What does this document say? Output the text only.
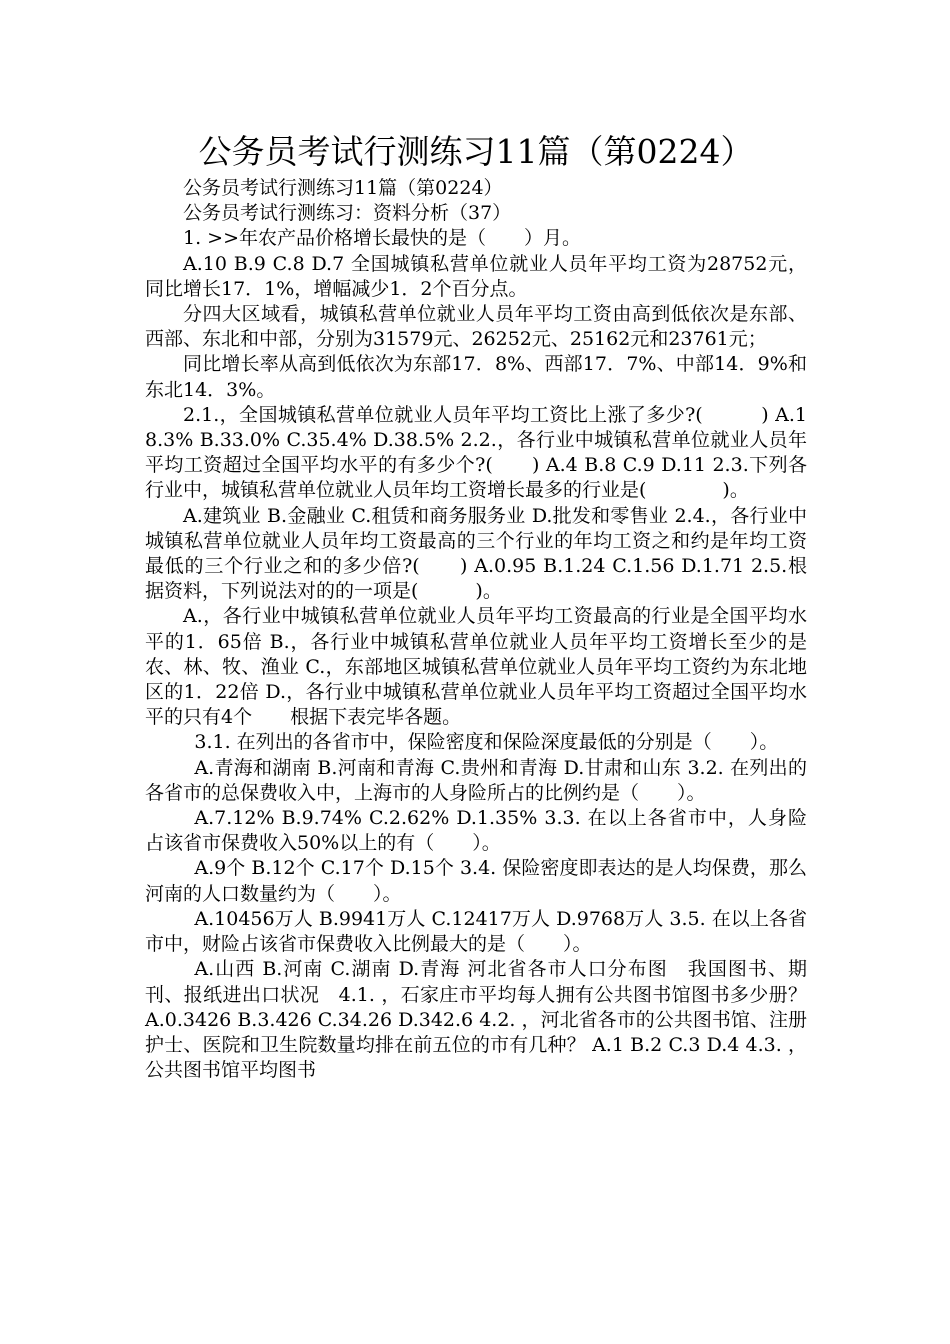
公务员考试行测练习11篇（第0224）

公务员考试行测练习11篇（第0224）

公务员考试行测练习：资料分析（37）

1. >>年农产品价格增长最快的是（　　）月。

A.10 B.9 C.8 D.7 全国城镇私营单位就业人员年平均工资为28752元，同比增长17．1%，增幅减少1．2个百分点。

分四大区域看，城镇私营单位就业人员年平均工资由高到低依次是东部、西部、东北和中部，分别为31579元、26252元、25162元和23761元；

同比增长率从高到低依次为东部17．8%、西部17．7%、中部14．9%和东北14．3%。

2.1.，全国城镇私营单位就业人员年平均工资比上涨了多少?(　　　) A.18.3% B.33.0% C.35.4% D.38.5% 2.2.，各行业中城镇私营单位就业人员年平均工资超过全国平均水平的有多少个?(　　) A.4 B.8 C.9 D.11 2.3.下列各行业中，城镇私营单位就业人员年均工资增长最多的行业是(　　　　)。

A.建筑业 B.金融业 C.租赁和商务服务业 D.批发和零售业 2.4.，各行业中城镇私营单位就业人员年均工资最高的三个行业的年均工资之和约是年均工资最低的三个行业之和的多少倍?(　　) A.0.95 B.1.24 C.1.56 D.1.71 2.5.根据资料，下列说法对的的一项是(　　　)。

A.，各行业中城镇私营单位就业人员年平均工资最高的行业是全国平均水平的1．65倍 B.，各行业中城镇私营单位就业人员年平均工资增长至少的是农、林、牧、渔业 C.，东部地区城镇私营单位就业人员年平均工资约为东北地区的1．22倍 D.，各行业中城镇私营单位就业人员年平均工资超过全国平均水平的只有4个　　根据下表完毕各题。

3.1. 在列出的各省市中，保险密度和保险深度最低的分别是（　　）。

A.青海和湖南 B.河南和青海 C.贵州和青海 D.甘肃和山东 3.2. 在列出的各省市的总保费收入中，上海市的人身险所占的比例约是（　　）。

A.7.12% B.9.74% C.2.62% D.1.35% 3.3. 在以上各省市中，人身险占该省市保费收入50%以上的有（　　）。

A.9个 B.12个 C.17个 D.15个 3.4. 保险密度即表达的是人均保费，那么河南的人口数量约为（　　）。

A.10456万人 B.9941万人 C.12417万人 D.9768万人 3.5. 在以上各省市中，财险占该省市保费收入比例最大的是（　　）。

A.山西 B.河南 C.湖南 D.青海 河北省各市人口分布图　我国图书、期刊、报纸进出口状况　4.1. ，石家庄市平均每人拥有公共图书馆图书多少册？ A.0.3426 B.3.426 C.34.26 D.342.6 4.2. ，河北省各市的公共图书馆、注册护士、医院和卫生院数量均排在前五位的市有几种？ A.1 B.2 C.3 D.4 4.3. ，公共图书馆平均图书
